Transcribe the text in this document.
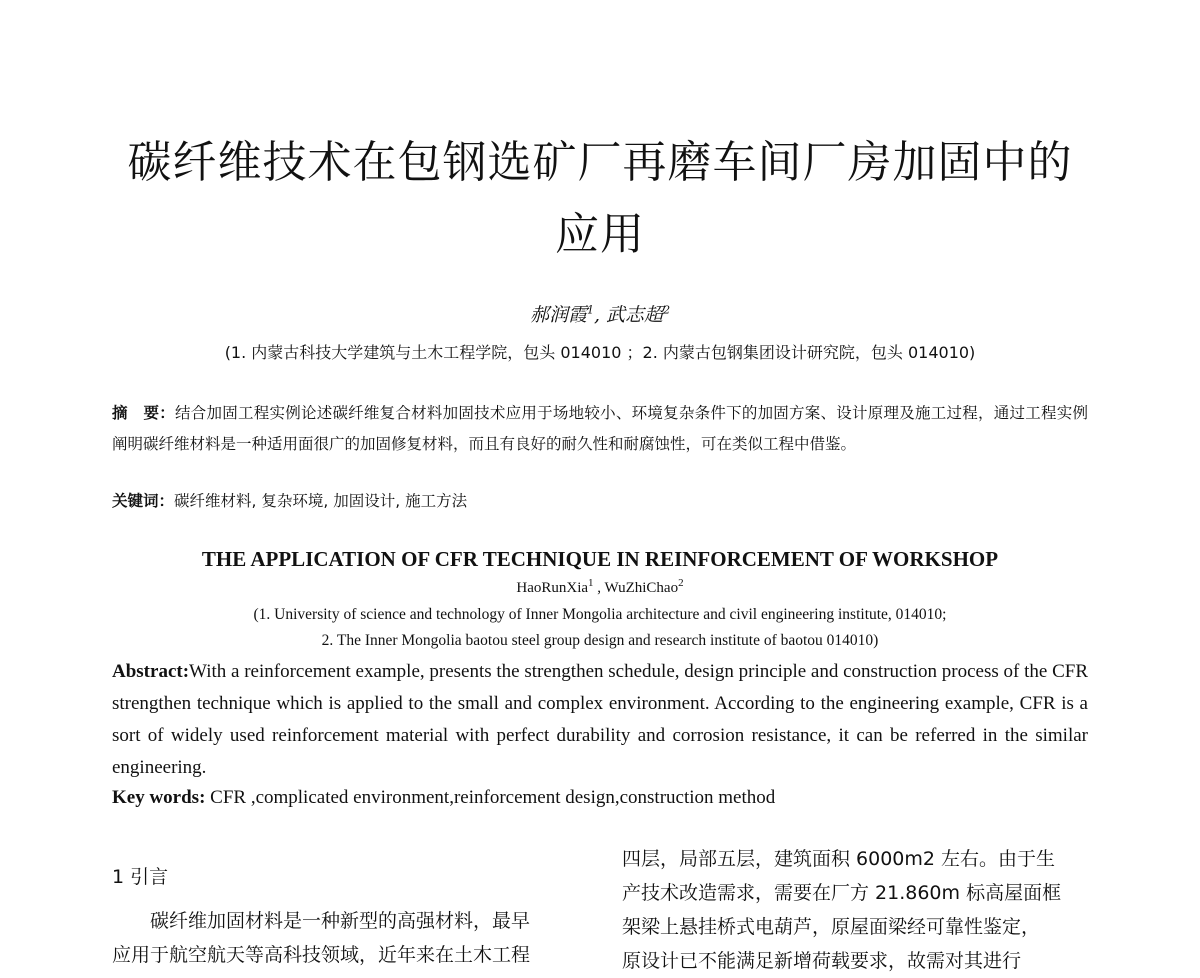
碳纤维技术在包钢选矿厂再磨车间厂房加固中的
应用
郝润霞$^1$, 武志超$^2$
(1. 内蒙古科技大学建筑与土木工程学院，包头 014010 ；2. 内蒙古包钢集团设计研究院，包头 014010)
摘　要：结合加固工程实例论述碳纤维复合材料加固技术应用于场地较小、环境复杂条件下的加固方案、设计原理及施工过程，通过工程实例阐明碳纤维材料是一种适用面很广的加固修复材料，而且有良好的耐久性和耐腐蚀性，可在类似工程中借鉴。
关键词：碳纤维材料, 复杂环境, 加固设计, 施工方法
THE APPLICATION OF CFR TECHNIQUE IN REINFORCEMENT OF WORKSHOP
HaoRunXia$^1$ , WuZhiChao$^2$
(1. University of science and technology of Inner Mongolia architecture and civil engineering institute, 014010;
2. The Inner Mongolia baotou steel group design and research institute of baotou 014010)
Abstract:With a reinforcement example, presents the strengthen schedule, design principle and construction process of the CFR strengthen technique which is applied to the small and complex environment. According to the engineering example, CFR is a sort of widely used reinforcement material with perfect durability and corrosion resistance, it can be referred in the similar engineering.
Key words: CFR ,complicated environment,reinforcement design,construction method
1 引言
碳纤维加固材料是一种新型的高强材料，最早
应用于航空航天等高科技领域，近年来在土木工程
四层，局部五层，建筑面积 6000m2 左右。由于生
产技术改造需求，需要在厂方 21.860m 标高屋面框
架梁上悬挂桥式电葫芦，原屋面梁经可靠性鉴定，
原设计已不能满足新增荷载要求，故需对其进行
